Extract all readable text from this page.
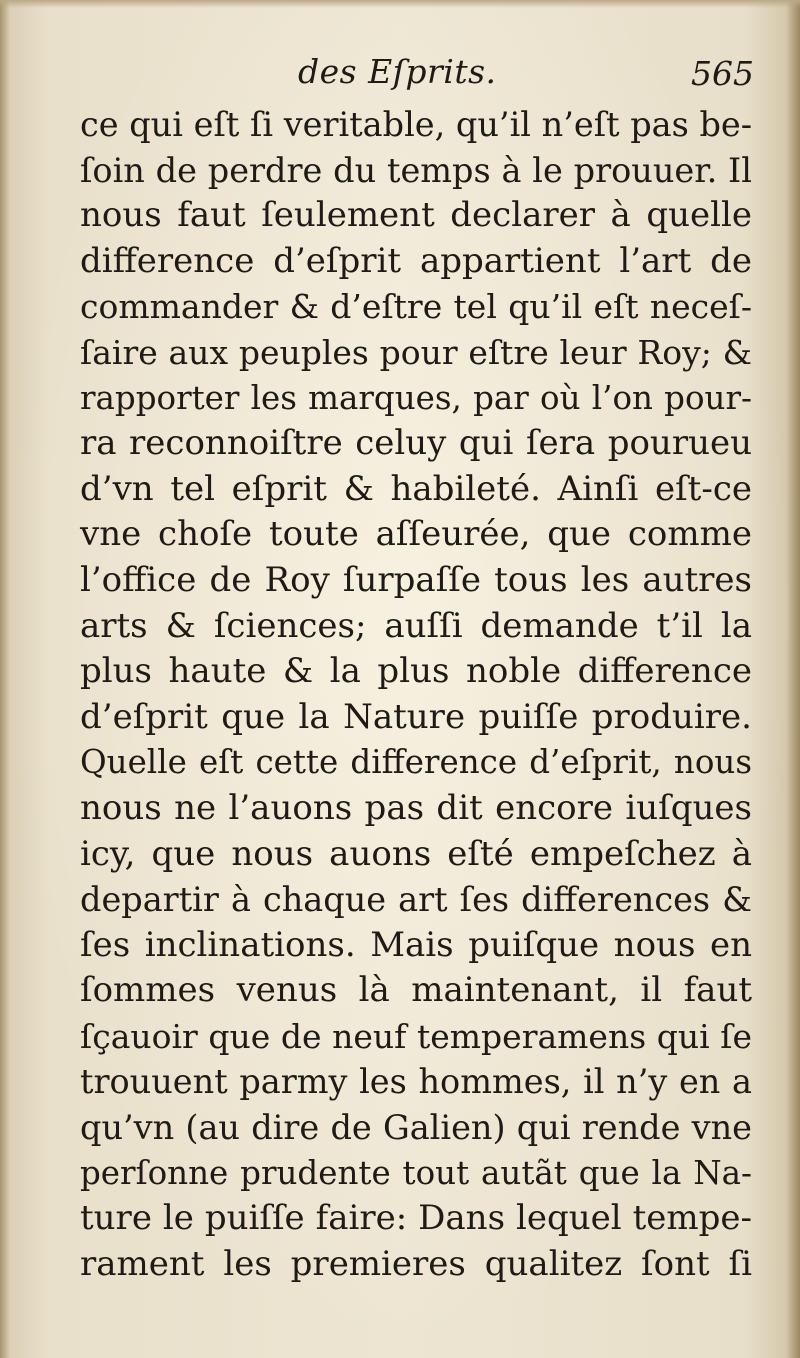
des Eſprits.	565
ce qui eſt ſi veritable, qu’il n’eſt pas be-
ſoin de perdre du temps à le prouuer. Il
nous faut ſeulement declarer à quelle
difference d’eſprit appartient l’art de
commander & d’eſtre tel qu’il eſt neceſ-
ſaire aux peuples pour eſtre leur Roy; &
rapporter les marques, par où l’on pour-
ra reconnoiſtre celuy qui ſera pourueu
d’vn tel eſprit & habileté. Ainſi eſt-ce
vne choſe toute aſſeurée, que comme
l’office de Roy ſurpaſſe tous les autres
arts & ſciences; auſſi demande t’il la
plus haute & la plus noble difference
d’eſprit que la Nature puiſſe produire.
Quelle eſt cette difference d’eſprit, nous
nous ne l’auons pas dit encore iuſques
icy, que nous auons eſté empeſchez à
departir à chaque art ſes differences &
ſes inclinations. Mais puiſque nous en
ſommes venus là maintenant, il faut
ſçauoir que de neuf temperamens qui ſe
trouuent parmy les hommes, il n’y en a
qu’vn (au dire de Galien) qui rende vne
perſonne prudente tout autãt que la Na-
ture le puiſſe faire: Dans lequel tempe-
rament les premieres qualitez ſont ſi
